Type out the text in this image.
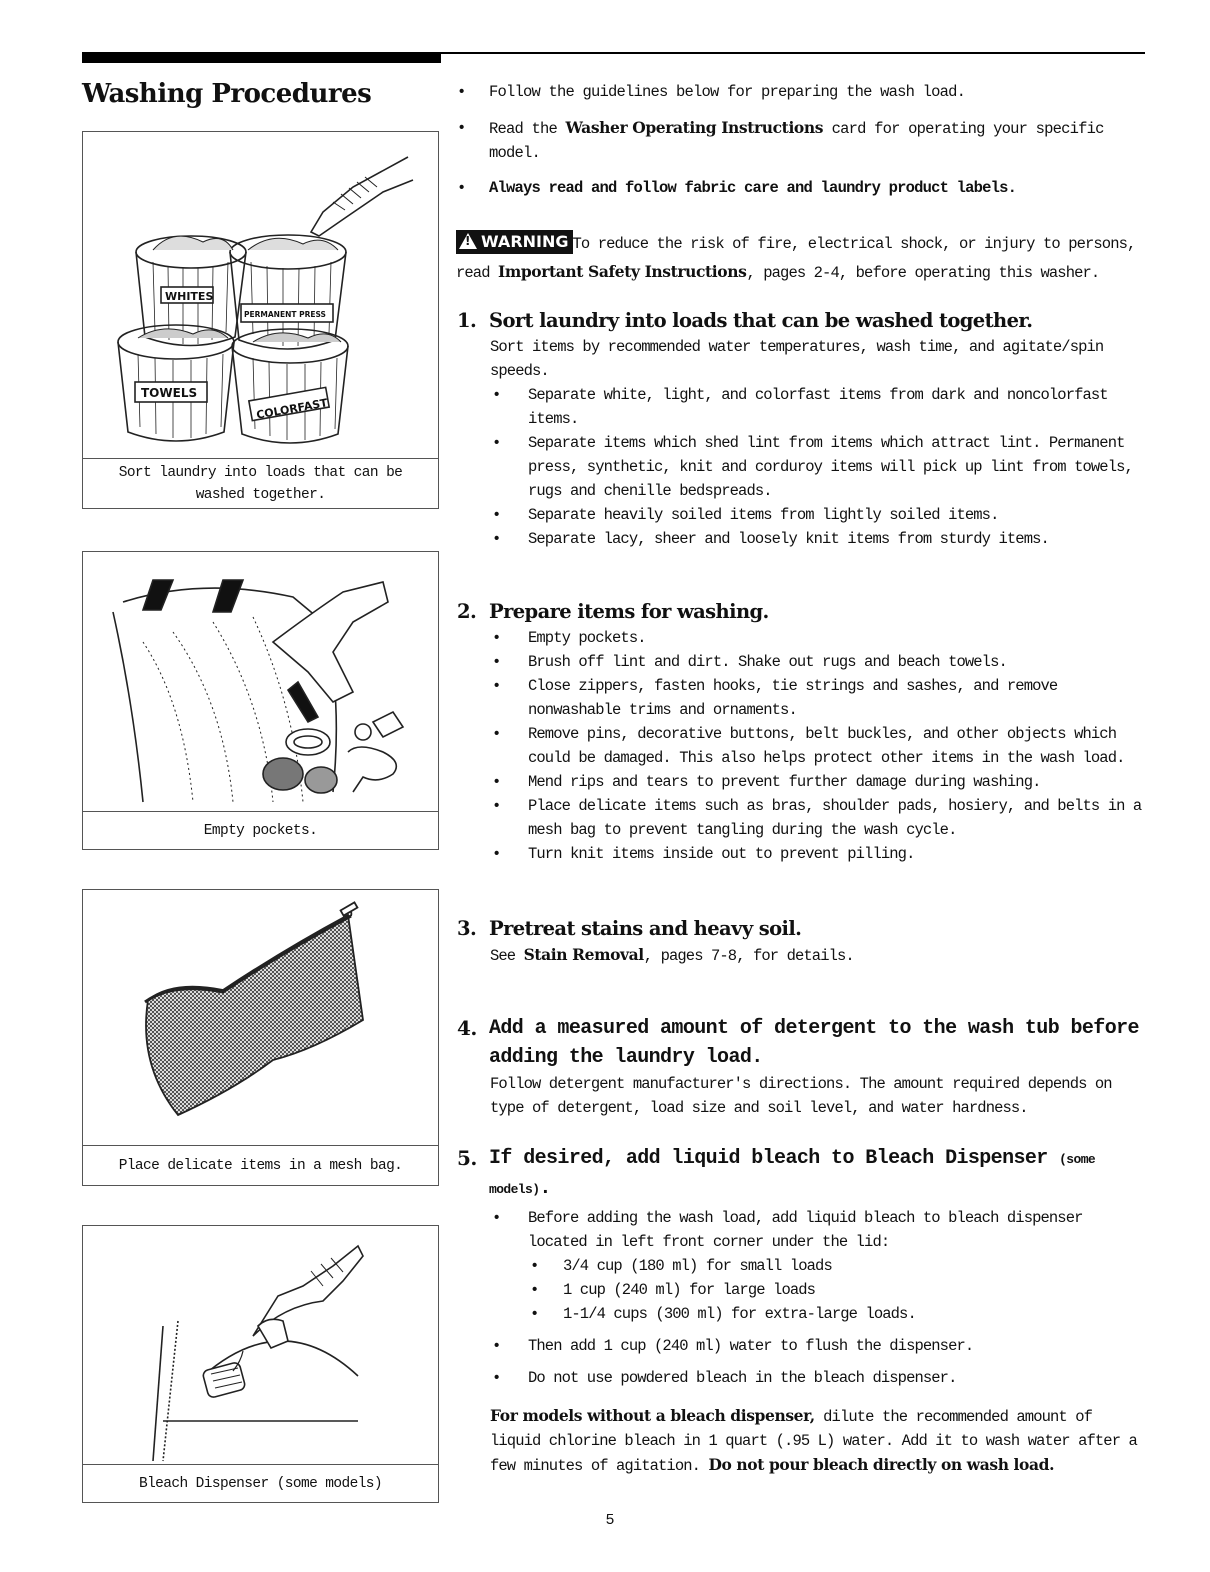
Washing Procedures
WHITES
PERMANENT PRESS
TOWELS
COLORFAST
Sort laundry into loads that can be washed together.
Empty pockets.
Place delicate items in a mesh bag.
Bleach Dispenser (some models)
• Follow the guidelines below for preparing the wash load.
• Read the Washer Operating Instructions card for operating your specific model.
• Always read and follow fabric care and laundry product labels.
!WARNING To reduce the risk of fire, electrical shock, or injury to persons, read Important Safety Instructions, pages 2-4, before operating this washer.
1. Sort laundry into loads that can be washed together.
Sort items by recommended water temperatures, wash time, and agitate/spin speeds.
• Separate white, light, and colorfast items from dark and noncolorfast items.
• Separate items which shed lint from items which attract lint. Permanent press, synthetic, knit and corduroy items will pick up lint from towels, rugs and chenille bedspreads.
• Separate heavily soiled items from lightly soiled items.
• Separate lacy, sheer and loosely knit items from sturdy items.
2. Prepare items for washing.
• Empty pockets.
• Brush off lint and dirt. Shake out rugs and beach towels.
• Close zippers, fasten hooks, tie strings and sashes, and remove nonwashable trims and ornaments.
• Remove pins, decorative buttons, belt buckles, and other objects which could be damaged. This also helps protect other items in the wash load.
• Mend rips and tears to prevent further damage during washing.
• Place delicate items such as bras, shoulder pads, hosiery, and belts in a mesh bag to prevent tangling during the wash cycle.
• Turn knit items inside out to prevent pilling.
3. Pretreat stains and heavy soil.
See Stain Removal, pages 7-8, for details.
4. Add a measured amount of detergent to the wash tub before adding the laundry load.
Follow detergent manufacturer's directions. The amount required depends on type of detergent, load size and soil level, and water hardness.
5. If desired, add liquid bleach to Bleach Dispenser (some models).
• Before adding the wash load, add liquid bleach to bleach dispenser located in left front corner under the lid:
• 3/4 cup (180 ml) for small loads
• 1 cup (240 ml) for large loads
• 1-1/4 cups (300 ml) for extra-large loads.
• Then add 1 cup (240 ml) water to flush the dispenser.
• Do not use powdered bleach in the bleach dispenser.
For models without a bleach dispenser, dilute the recommended amount of liquid chlorine bleach in 1 quart (.95 L) water. Add it to wash water after a few minutes of agitation. Do not pour bleach directly on wash load.
5
